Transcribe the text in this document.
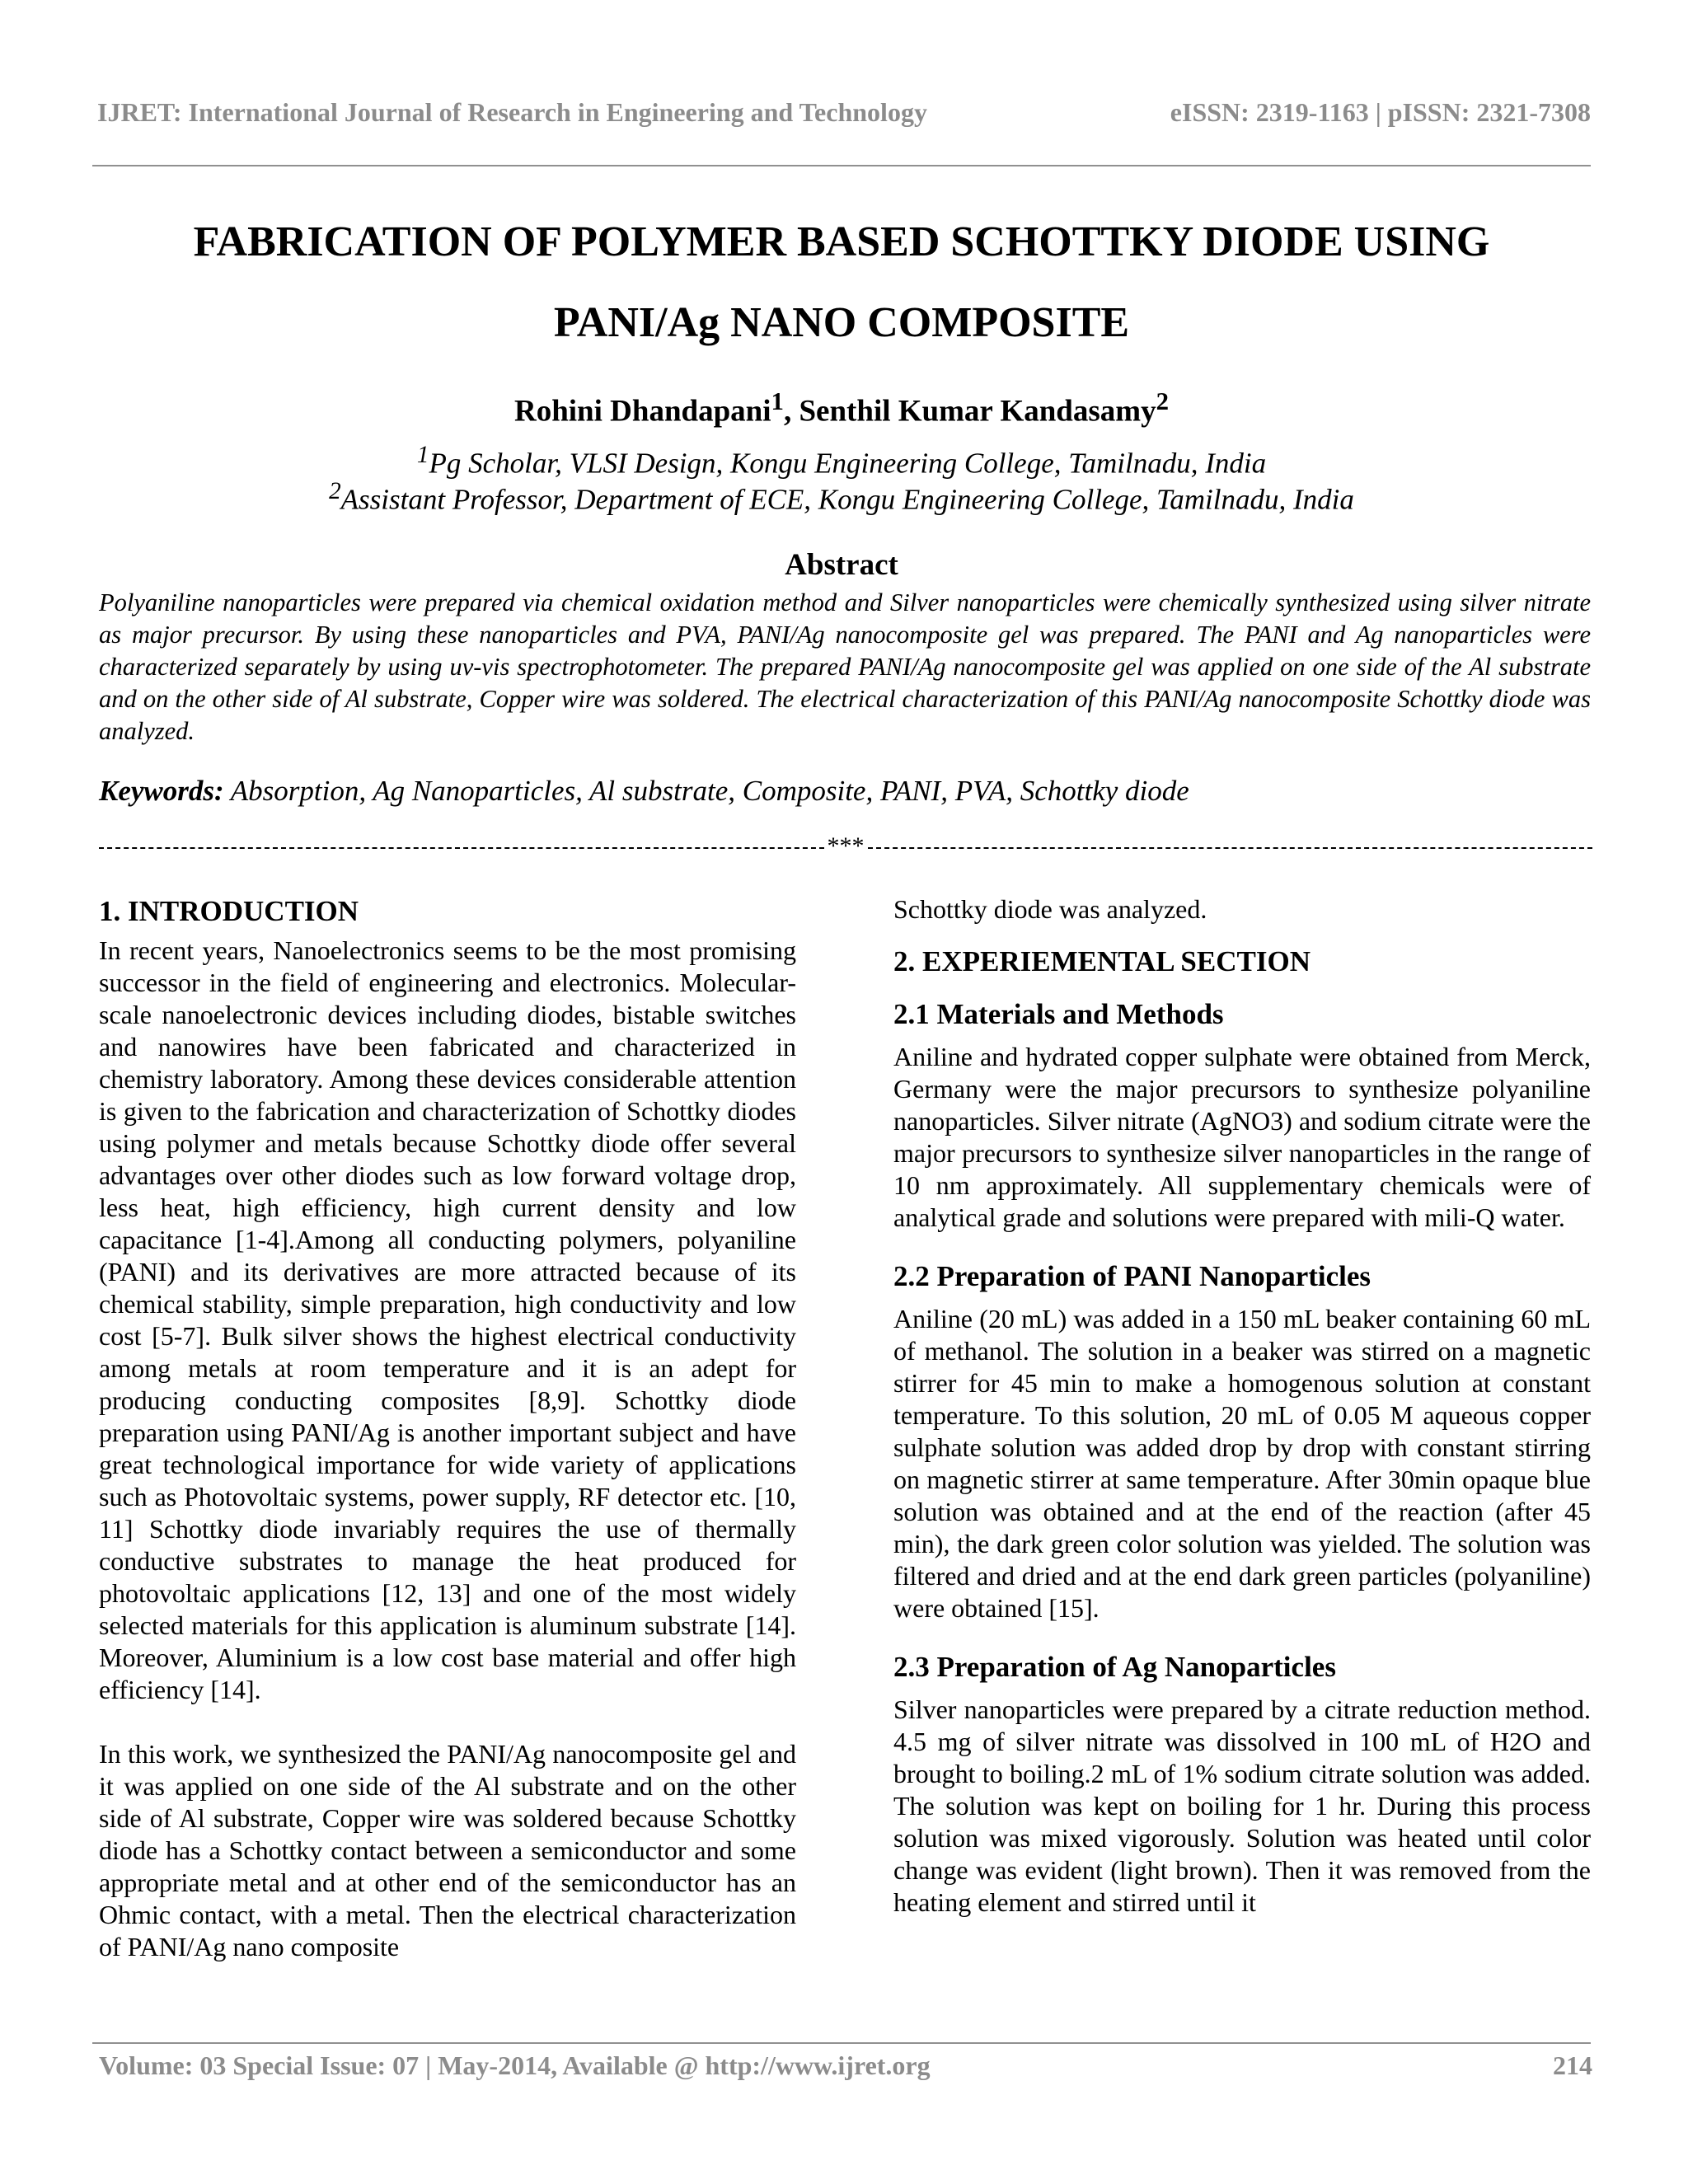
IJRET: International Journal of Research in Engineering and Technology	eISSN: 2319-1163 | pISSN: 2321-7308
FABRICATION OF POLYMER BASED SCHOTTKY DIODE USING
PANI/Ag NANO COMPOSITE
Rohini Dhandapani$^1$, Senthil Kumar Kandasamy$^2$
$^1$Pg Scholar, VLSI Design, Kongu Engineering College, Tamilnadu, India
$^2$Assistant Professor, Department of ECE, Kongu Engineering College, Tamilnadu, India
Abstract
Polyaniline nanoparticles were prepared via chemical oxidation method and Silver nanoparticles were chemically synthesized using silver nitrate as major precursor. By using these nanoparticles and PVA, PANI/Ag nanocomposite gel was prepared. The PANI and Ag nanoparticles were characterized separately by using uv-vis spectrophotometer. The prepared PANI/Ag nanocomposite gel was applied on one side of the Al substrate and on the other side of Al substrate, Copper wire was soldered. The electrical characterization of this PANI/Ag nanocomposite Schottky diode was analyzed.
Keywords: Absorption, Ag Nanoparticles, Al substrate, Composite, PANI, PVA, Schottky diode
***
1. INTRODUCTION

In recent years, Nanoelectronics seems to be the most promising successor in the field of engineering and electronics. Molecular-scale nanoelectronic devices including diodes, bistable switches and nanowires have been fabricated and characterized in chemistry laboratory. Among these devices considerable attention is given to the fabrication and characterization of Schottky diodes using polymer and metals because Schottky diode offer several advantages over other diodes such as low forward voltage drop, less heat, high efficiency, high current density and low capacitance [1-4].Among all conducting polymers, polyaniline (PANI) and its derivatives are more attracted because of its chemical stability, simple preparation, high conductivity and low cost [5-7]. Bulk silver shows the highest electrical conductivity among metals at room temperature and it is an adept for producing conducting composites [8,9]. Schottky diode preparation using PANI/Ag is another important subject and have great technological importance for wide variety of applications such as Photovoltaic systems, power supply, RF detector etc. [10, 11] Schottky diode invariably requires the use of thermally conductive substrates to manage the heat produced for photovoltaic applications [12, 13] and one of the most widely selected materials for this application is aluminum substrate [14]. Moreover, Aluminium is a low cost base material and offer high efficiency [14].

In this work, we synthesized the PANI/Ag nanocomposite gel and it was applied on one side of the Al substrate and on the other side of Al substrate, Copper wire was soldered because Schottky diode has a Schottky contact between a semiconductor and some appropriate metal and at other end of the semiconductor has an Ohmic contact, with a metal. Then the electrical characterization of PANI/Ag nano composite

Schottky diode was analyzed.

2. EXPERIEMENTAL SECTION
2.1 Materials and Methods

Aniline and hydrated copper sulphate were obtained from Merck, Germany were the major precursors to synthesize polyaniline nanoparticles. Silver nitrate (AgNO3) and sodium citrate were the major precursors to synthesize silver nanoparticles in the range of 10 nm approximately. All supplementary chemicals were of analytical grade and solutions were prepared with mili-Q water.

2.2 Preparation of PANI Nanoparticles

Aniline (20 mL) was added in a 150 mL beaker containing 60 mL of methanol. The solution in a beaker was stirred on a magnetic stirrer for 45 min to make a homogenous solution at constant temperature. To this solution, 20 mL of 0.05 M aqueous copper sulphate solution was added drop by drop with constant stirring on magnetic stirrer at same temperature. After 30min opaque blue solution was obtained and at the end of the reaction (after 45 min), the dark green color solution was yielded. The solution was filtered and dried and at the end dark green particles (polyaniline) were obtained [15].

2.3 Preparation of Ag Nanoparticles

Silver nanoparticles were prepared by a citrate reduction method. 4.5 mg of silver nitrate was dissolved in 100 mL of H2O and brought to boiling.2 mL of 1% sodium citrate solution was added. The solution was kept on boiling for 1 hr. During this process solution was mixed vigorously. Solution was heated until color change was evident (light brown). Then it was removed from the heating element and stirred until it

Volume: 03 Special Issue: 07 | May-2014, Available @ http://www.ijret.org	214
